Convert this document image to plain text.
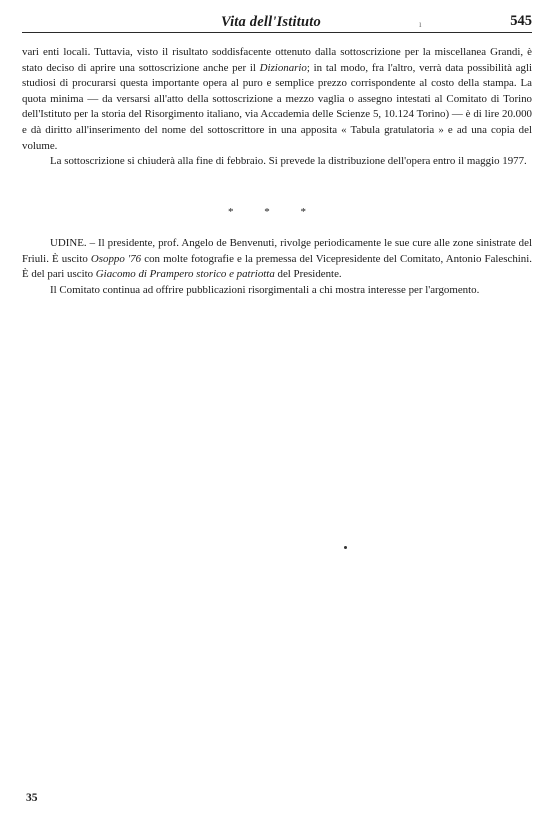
Vita dell'Istituto	ı	545

vari enti locali. Tuttavia, visto il risultato soddisfacente ottenuto dalla sottoscrizione per la miscellanea Grandi, è stato deciso di aprire una sottoscrizione anche per il Dizionario; in tal modo, fra l'altro, verrà data possibilità agli studiosi di procurarsi questa importante opera al puro e semplice prezzo corrispondente al costo della stampa. La quota minima — da versarsi all'atto della sottoscrizione a mezzo vaglia o assegno intestati al Comitato di Torino dell'Istituto per la storia del Risorgimento italiano, via Accademia delle Scienze 5, 10.124 Torino) — è di lire 20.000 e dà diritto all'inserimento del nome del sottoscrittore in una apposita « Tabula gratulatoria » e ad una copia del volume.

La sottoscrizione si chiuderà alla fine di febbraio. Si prevede la distribuzione dell'opera entro il maggio 1977.

* * *

UDINE. – Il presidente, prof. Angelo de Benvenuti, rivolge periodicamente le sue cure alle zone sinistrate del Friuli. È uscito Osoppo '76 con molte fotografie e la premessa del Vicepresidente del Comitato, Antonio Faleschini. È del pari uscito Giacomo di Prampero storico e patriotta del Presidente.

Il Comitato continua ad offrire pubblicazioni risorgimentali a chi mostra interesse per l'argomento.

35
